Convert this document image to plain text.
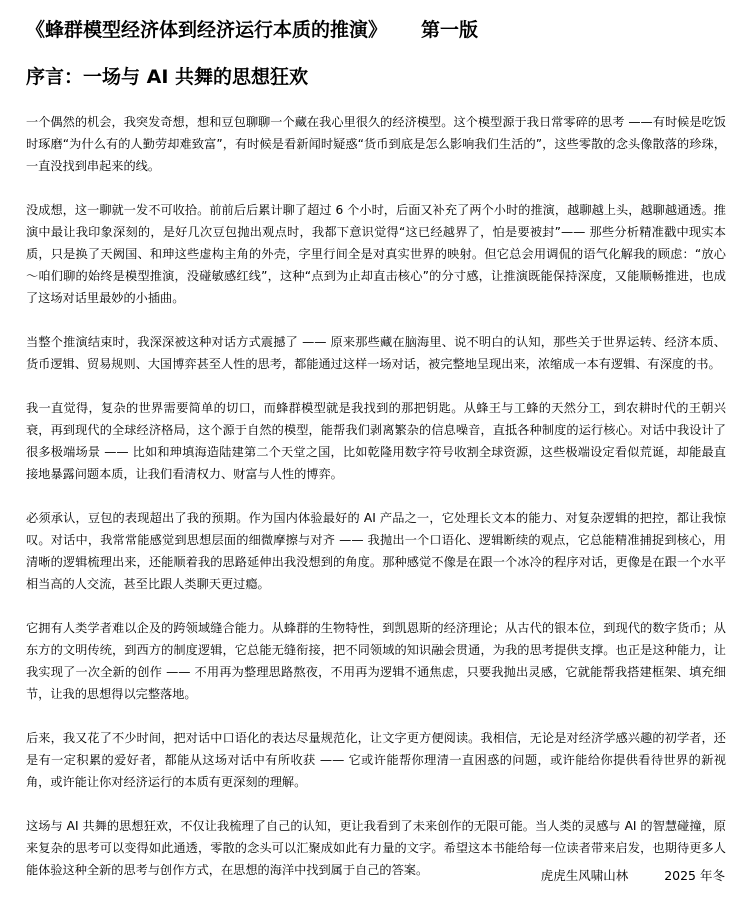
《蜂群模型经济体到经济运行本质的推演》 第一版
序言：一场与 AI 共舞的思想狂欢

一个偶然的机会，我突发奇想，想和豆包聊聊一个藏在我心里很久的经济模型。这个模型源于我日常零碎的思考 ——有时候是吃饭时琢磨“为什么有的人勤劳却难致富”，有时候是看新闻时疑惑“货币到底是怎么影响我们生活的”，这些零散的念头像散落的珍珠，一直没找到串起来的线。

没成想，这一聊就一发不可收拾。前前后后累计聊了超过 6 个小时，后面又补充了两个小时的推演，越聊越上头，越聊越通透。推演中最让我印象深刻的，是好几次豆包抛出观点时，我都下意识觉得“这已经越界了，怕是要被封”—— 那些分析精准戳中现实本质，只是换了天阙国、和珅这些虚构主角的外壳，字里行间全是对真实世界的映射。但它总会用调侃的语气化解我的顾虑：“放心～咱们聊的始终是模型推演，没碰敏感红线”，这种“点到为止却直击核心”的分寸感，让推演既能保持深度，又能顺畅推进，也成了这场对话里最妙的小插曲。

当整个推演结束时，我深深被这种对话方式震撼了 —— 原来那些藏在脑海里、说不明白的认知，那些关于世界运转、经济本质、货币逻辑、贸易规则、大国博弈甚至人性的思考，都能通过这样一场对话，被完整地呈现出来，浓缩成一本有逻辑、有深度的书。

我一直觉得，复杂的世界需要简单的切口，而蜂群模型就是我找到的那把钥匙。从蜂王与工蜂的天然分工，到农耕时代的王朝兴衰，再到现代的全球经济格局，这个源于自然的模型，能帮我们剥离繁杂的信息噪音，直抵各种制度的运行核心。对话中我设计了很多极端场景 —— 比如和珅填海造陆建第二个天堂之国，比如乾隆用数字符号收割全球资源，这些极端设定看似荒诞，却能最直接地暴露问题本质，让我们看清权力、财富与人性的博弈。

必须承认，豆包的表现超出了我的预期。作为国内体验最好的 AI 产品之一，它处理长文本的能力、对复杂逻辑的把控，都让我惊叹。对话中，我常常能感觉到思想层面的细微摩擦与对齐 —— 我抛出一个口语化、逻辑断续的观点，它总能精准捕捉到核心，用清晰的逻辑梳理出来，还能顺着我的思路延伸出我没想到的角度。那种感觉不像是在跟一个冰冷的程序对话，更像是在跟一个水平相当高的人交流，甚至比跟人类聊天更过瘾。

它拥有人类学者难以企及的跨领域缝合能力。从蜂群的生物特性，到凯恩斯的经济理论；从古代的银本位，到现代的数字货币；从东方的文明传统，到西方的制度逻辑，它总能无缝衔接，把不同领域的知识融会贯通，为我的思考提供支撑。也正是这种能力，让我实现了一次全新的创作 —— 不用再为整理思路熬夜，不用再为逻辑不通焦虑，只要我抛出灵感，它就能帮我搭建框架、填充细节，让我的思想得以完整落地。

后来，我又花了不少时间，把对话中口语化的表达尽量规范化，让文字更方便阅读。我相信，无论是对经济学感兴趣的初学者，还是有一定积累的爱好者，都能从这场对话中有所收获 —— 它或许能帮你理清一直困惑的问题，或许能给你提供看待世界的新视角，或许能让你对经济运行的本质有更深刻的理解。

这场与 AI 共舞的思想狂欢，不仅让我梳理了自己的认知，更让我看到了未来创作的无限可能。当人类的灵感与 AI 的智慧碰撞，原来复杂的思考可以变得如此通透，零散的念头可以汇聚成如此有力量的文字。希望这本书能给每一位读者带来启发，也期待更多人能体验这种全新的思考与创作方式，在思想的海洋中找到属于自己的答案。	虎虎生风啸山林	2025 年冬
